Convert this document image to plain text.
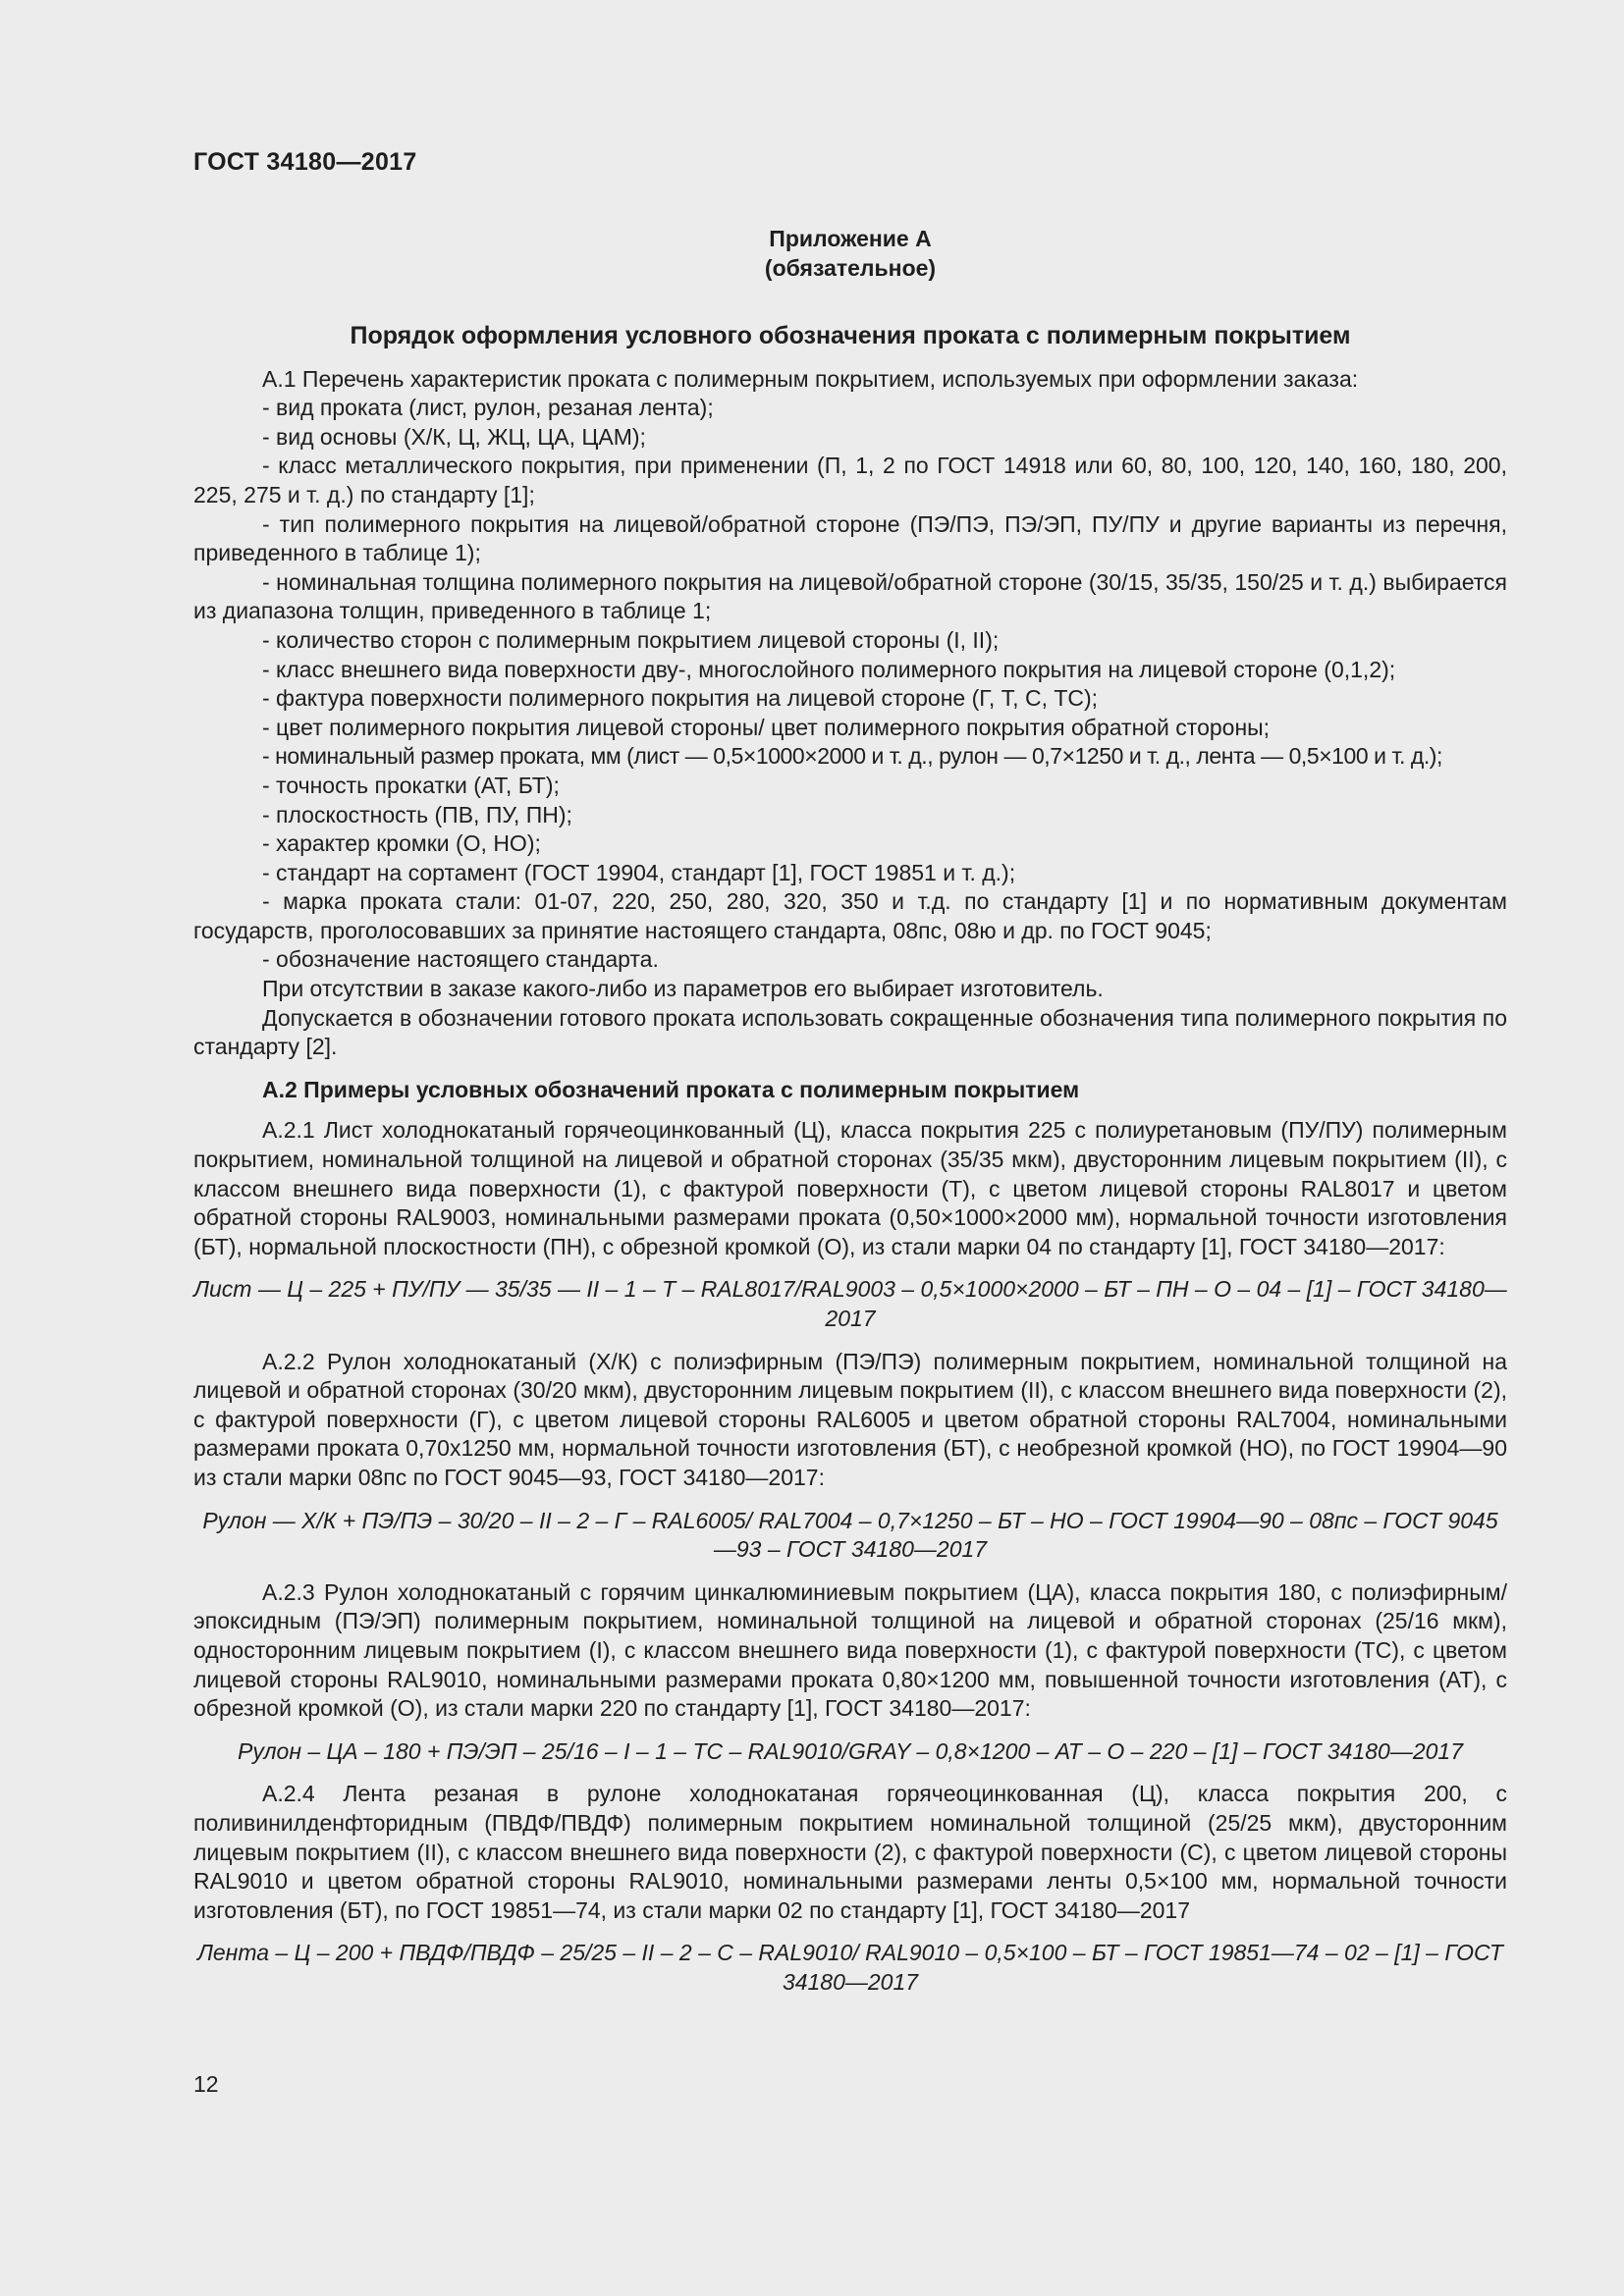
ГОСТ 34180—2017
Приложение А
(обязательное)
Порядок оформления условного обозначения проката с полимерным покрытием

А.1 Перечень характеристик проката с полимерным покрытием, используемых при оформлении заказа:

- вид проката (лист, рулон, резаная лента);

- вид основы (Х/К, Ц, ЖЦ, ЦА, ЦАМ);

- класс металлического покрытия, при применении (П, 1, 2 по ГОСТ 14918 или 60, 80, 100, 120, 140, 160, 180, 200, 225, 275 и т. д.) по стандарту [1];

- тип полимерного покрытия на лицевой/обратной стороне (ПЭ/ПЭ, ПЭ/ЭП, ПУ/ПУ и другие варианты из перечня, приведенного в таблице 1);

- номинальная толщина полимерного покрытия на лицевой/обратной стороне (30/15, 35/35, 150/25 и т. д.) выбирается из диапазона толщин, приведенного в таблице 1;

- количество сторон с полимерным покрытием лицевой стороны (I, II);

- класс внешнего вида поверхности дву-, многослойного полимерного покрытия на лицевой стороне (0,1,2);

- фактура поверхности полимерного покрытия на лицевой стороне (Г, Т, С, ТС);

- цвет полимерного покрытия лицевой стороны/ цвет полимерного покрытия обратной стороны;

- номинальный размер проката, мм (лист — 0,5×1000×2000 и т. д., рулон — 0,7×1250 и т. д., лента — 0,5×100 и т. д.);

- точность прокатки (АТ, БТ);

- плоскостность (ПВ, ПУ, ПН);

- характер кромки (О, НО);

- стандарт на сортамент (ГОСТ 19904, стандарт [1], ГОСТ 19851 и т. д.);

- марка проката стали: 01-07, 220, 250, 280, 320, 350 и т.д. по стандарту [1] и по нормативным документам государств, проголосовавших за принятие настоящего стандарта, 08пс, 08ю и др. по ГОСТ 9045;

- обозначение настоящего стандарта.

При отсутствии в заказе какого-либо из параметров его выбирает изготовитель.

Допускается в обозначении готового проката использовать сокращенные обозначения типа полимерного покрытия по стандарту [2].

А.2 Примеры условных обозначений проката с полимерным покрытием

А.2.1 Лист холоднокатаный горячеоцинкованный (Ц), класса покрытия 225 с полиуретановым (ПУ/ПУ) полимерным покрытием, номинальной толщиной на лицевой и обратной сторонах (35/35 мкм), двусторонним лицевым покрытием (II), с классом внешнего вида поверхности (1), с фактурой поверхности (Т), с цветом лицевой стороны RAL8017 и цветом обратной стороны RAL9003, номинальными размерами проката (0,50×1000×2000 мм), нормальной точности изготовления (БТ), нормальной плоскостности (ПН), с обрезной кромкой (О), из стали марки 04 по стандарту [1], ГОСТ 34180—2017:

Лист — Ц – 225 + ПУ/ПУ — 35/35 — II – 1 – Т – RAL8017/RAL9003 – 0,5×1000×2000 – БТ – ПН – О – 04 – [1] – ГОСТ 34180—2017

А.2.2 Рулон холоднокатаный (Х/К) с полиэфирным (ПЭ/ПЭ) полимерным покрытием, номинальной толщиной на лицевой и обратной сторонах (30/20 мкм), двусторонним лицевым покрытием (II), с классом внешнего вида поверхности (2), с фактурой поверхности (Г), с цветом лицевой стороны RAL6005 и цветом обратной стороны RAL7004, номинальными размерами проката 0,70х1250 мм, нормальной точности изготовления (БТ), с необрезной кромкой (НО), по ГОСТ 19904—90 из стали марки 08пс по ГОСТ 9045—93, ГОСТ 34180—2017:

Рулон — Х/К + ПЭ/ПЭ – 30/20 – II – 2 – Г – RAL6005/ RAL7004 – 0,7×1250 – БТ – НО – ГОСТ 19904—90 – 08пс – ГОСТ 9045—93 – ГОСТ 34180—2017

А.2.3 Рулон холоднокатаный с горячим цинкалюминиевым покрытием (ЦА), класса покрытия 180, с полиэфирным/эпоксидным (ПЭ/ЭП) полимерным покрытием, номинальной толщиной на лицевой и обратной сторонах (25/16 мкм), односторонним лицевым покрытием (I), с классом внешнего вида поверхности (1), с фактурой поверхности (ТС), с цветом лицевой стороны RAL9010, номинальными размерами проката 0,80×1200 мм, повышенной точности изготовления (АТ), с обрезной кромкой (О), из стали марки 220 по стандарту [1], ГОСТ 34180—2017:

Рулон – ЦА – 180 + ПЭ/ЭП – 25/16 – I – 1 – ТС – RAL9010/GRAY – 0,8×1200 – АТ – О – 220 – [1] – ГОСТ 34180—2017

А.2.4 Лента резаная в рулоне холоднокатаная горячеоцинкованная (Ц), класса покрытия 200, с поливинилденфторидным (ПВДФ/ПВДФ) полимерным покрытием номинальной толщиной (25/25 мкм), двусторонним лицевым покрытием (II), с классом внешнего вида поверхности (2), с фактурой поверхности (С), с цветом лицевой стороны RAL9010 и цветом обратной стороны RAL9010, номинальными размерами ленты 0,5×100 мм, нормальной точности изготовления (БТ), по ГОСТ 19851—74, из стали марки 02 по стандарту [1], ГОСТ 34180—2017

Лента – Ц – 200 + ПВДФ/ПВДФ – 25/25 – II – 2 – С – RAL9010/ RAL9010 – 0,5×100 – БТ – ГОСТ 19851—74 – 02 – [1] – ГОСТ 34180—2017
12
